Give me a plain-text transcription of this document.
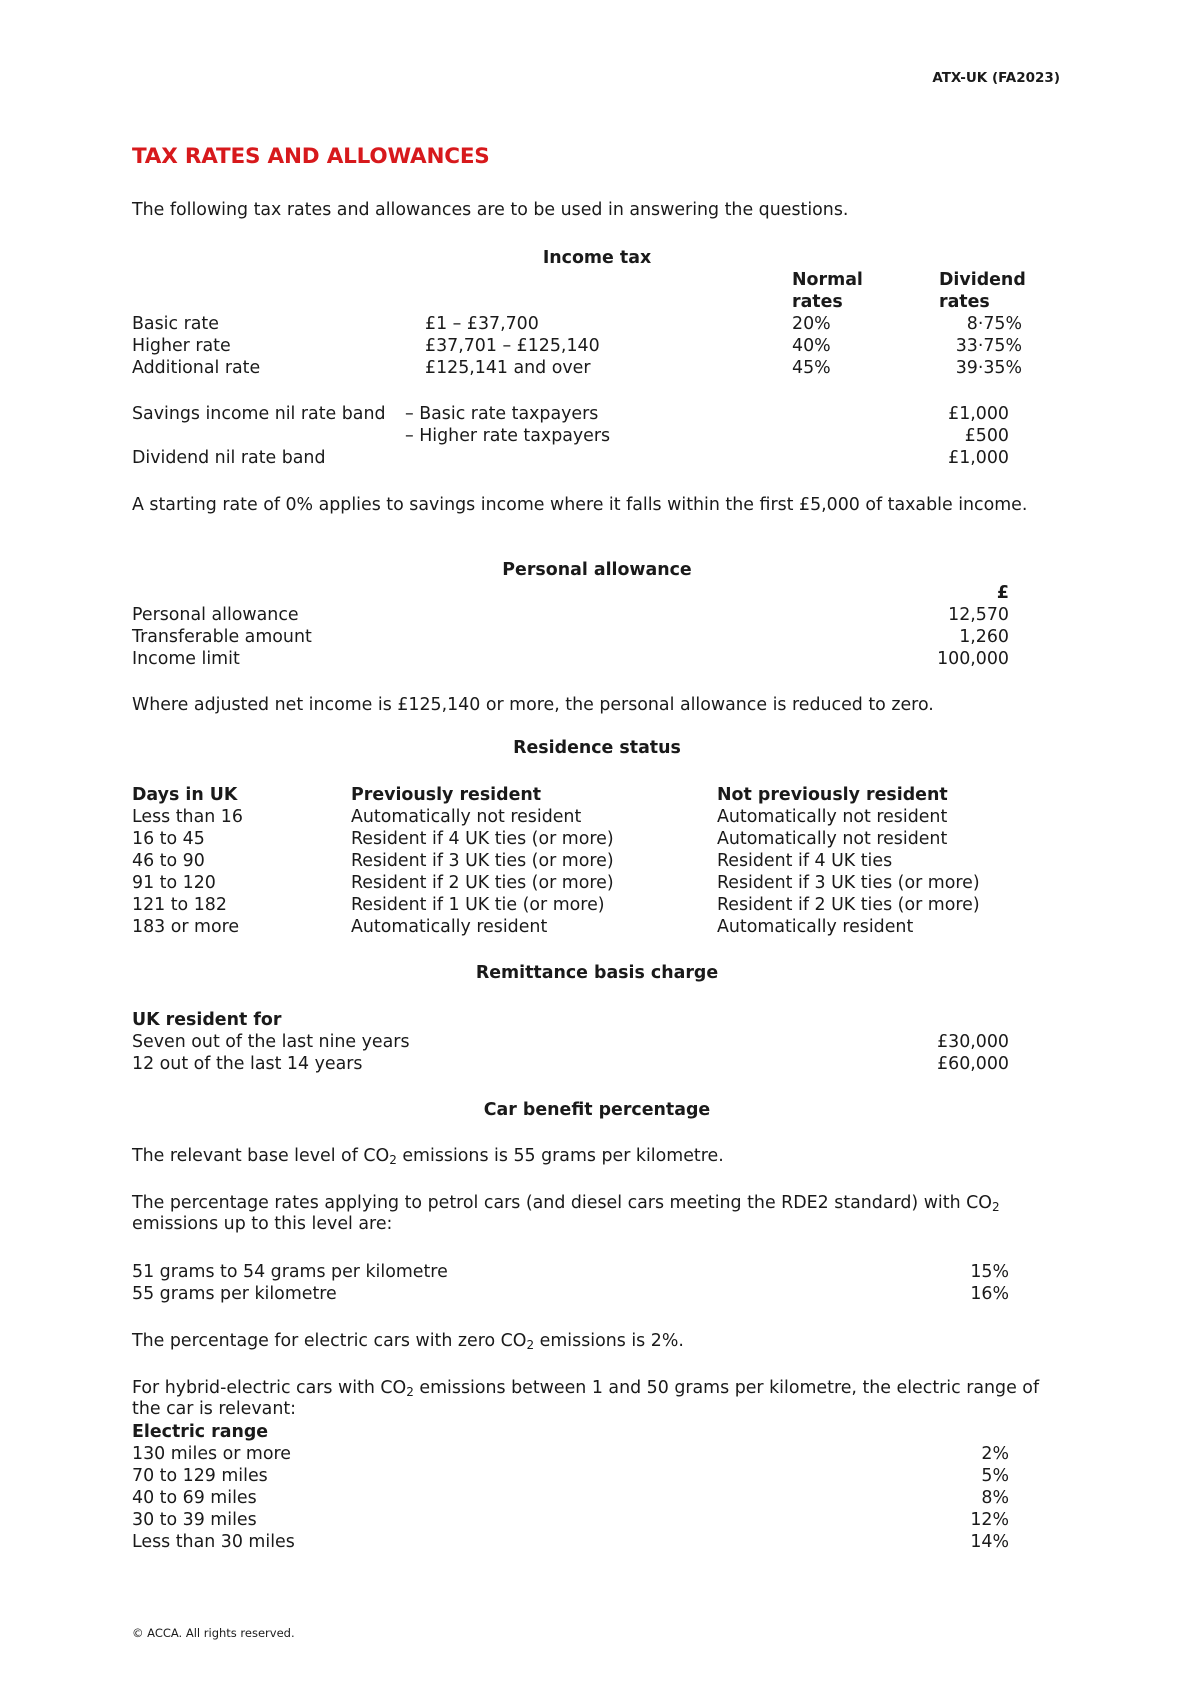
ATX-UK (FA2023)
TAX RATES AND ALLOWANCES
The following tax rates and allowances are to be used in answering the questions.
Income tax
Normal
rates
Dividend
rates
Basic rate	£1 – £37,700	20%	8·75%
Higher rate	£37,701 – £125,140	40%	33·75%
Additional rate	£125,141 and over	45%	39·35%
Savings income nil rate band – Basic rate taxpayers	£1,000
– Higher rate taxpayers	£500
Dividend nil rate band	£1,000
A starting rate of 0% applies to savings income where it falls within the first £5,000 of taxable income.
Personal allowance
£
Personal allowance	12,570
Transferable amount	1,260
Income limit	100,000
Where adjusted net income is £125,140 or more, the personal allowance is reduced to zero.
Residence status
Days in UK	Previously resident	Not previously resident
Less than 16	Automatically not resident	Automatically not resident
16 to 45	Resident if 4 UK ties (or more)	Automatically not resident
46 to 90	Resident if 3 UK ties (or more)	Resident if 4 UK ties
91 to 120	Resident if 2 UK ties (or more)	Resident if 3 UK ties (or more)
121 to 182	Resident if 1 UK tie (or more)	Resident if 2 UK ties (or more)
183 or more	Automatically resident	Automatically resident
Remittance basis charge
UK resident for
Seven out of the last nine years	£30,000
12 out of the last 14 years	£60,000
Car benefit percentage
The relevant base level of $CO_2$ emissions is 55 grams per kilometre.
The percentage rates applying to petrol cars (and diesel cars meeting the RDE2 standard) with $CO_2$ emissions up to this level are:
51 grams to 54 grams per kilometre	15%
55 grams per kilometre	16%
The percentage for electric cars with zero $CO_2$ emissions is 2%.
For hybrid-electric cars with $CO_2$ emissions between 1 and 50 grams per kilometre, the electric range of the car is relevant:
Electric range
130 miles or more	2%
70 to 129 miles	5%
40 to 69 miles	8%
30 to 39 miles	12%
Less than 30 miles	14%
© ACCA. All rights reserved.
